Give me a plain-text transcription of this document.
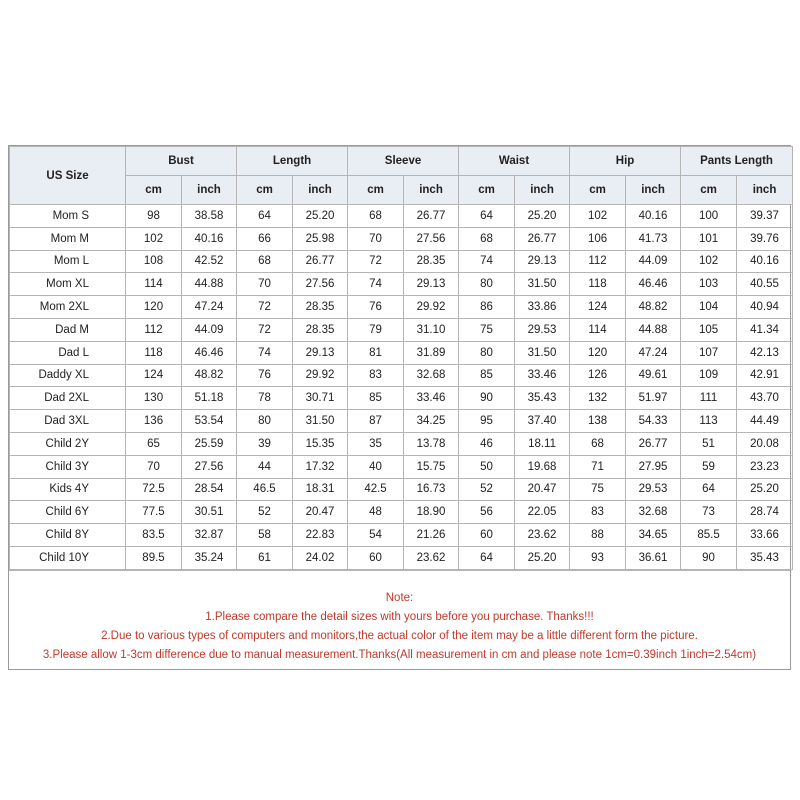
US Size	Bust		Length		Sleeve		Waist		Hip		Pants Length	
	cm	inch	cm	inch	cm	inch	cm	inch	cm	inch	cm	inch
Mom S	98	38.58	64	25.20	68	26.77	64	25.20	102	40.16	100	39.37
Mom M	102	40.16	66	25.98	70	27.56	68	26.77	106	41.73	101	39.76
Mom L	108	42.52	68	26.77	72	28.35	74	29.13	112	44.09	102	40.16
Mom XL	114	44.88	70	27.56	74	29.13	80	31.50	118	46.46	103	40.55
Mom 2XL	120	47.24	72	28.35	76	29.92	86	33.86	124	48.82	104	40.94
Dad M	112	44.09	72	28.35	79	31.10	75	29.53	114	44.88	105	41.34
Dad L	118	46.46	74	29.13	81	31.89	80	31.50	120	47.24	107	42.13
Daddy XL	124	48.82	76	29.92	83	32.68	85	33.46	126	49.61	109	42.91
Dad 2XL	130	51.18	78	30.71	85	33.46	90	35.43	132	51.97	111	43.70
Dad 3XL	136	53.54	80	31.50	87	34.25	95	37.40	138	54.33	113	44.49
Child 2Y	65	25.59	39	15.35	35	13.78	46	18.11	68	26.77	51	20.08
Child 3Y	70	27.56	44	17.32	40	15.75	50	19.68	71	27.95	59	23.23
Kids 4Y	72.5	28.54	46.5	18.31	42.5	16.73	52	20.47	75	29.53	64	25.20
Child 6Y	77.5	30.51	52	20.47	48	18.90	56	22.05	83	32.68	73	28.74
Child 8Y	83.5	32.87	58	22.83	54	21.26	60	23.62	88	34.65	85.5	33.66
Child 10Y	89.5	35.24	61	24.02	60	23.62	64	25.20	93	36.61	90	35.43
Note:
1.Please compare the detail sizes with yours before you purchase. Thanks!!!
2.Due to various types of computers and monitors,the actual color of the item may be a little different form the picture.
3.Please allow 1-3cm difference due to manual measurement.Thanks(All measurement in cm and please note 1cm=0.39inch 1inch=2.54cm)
